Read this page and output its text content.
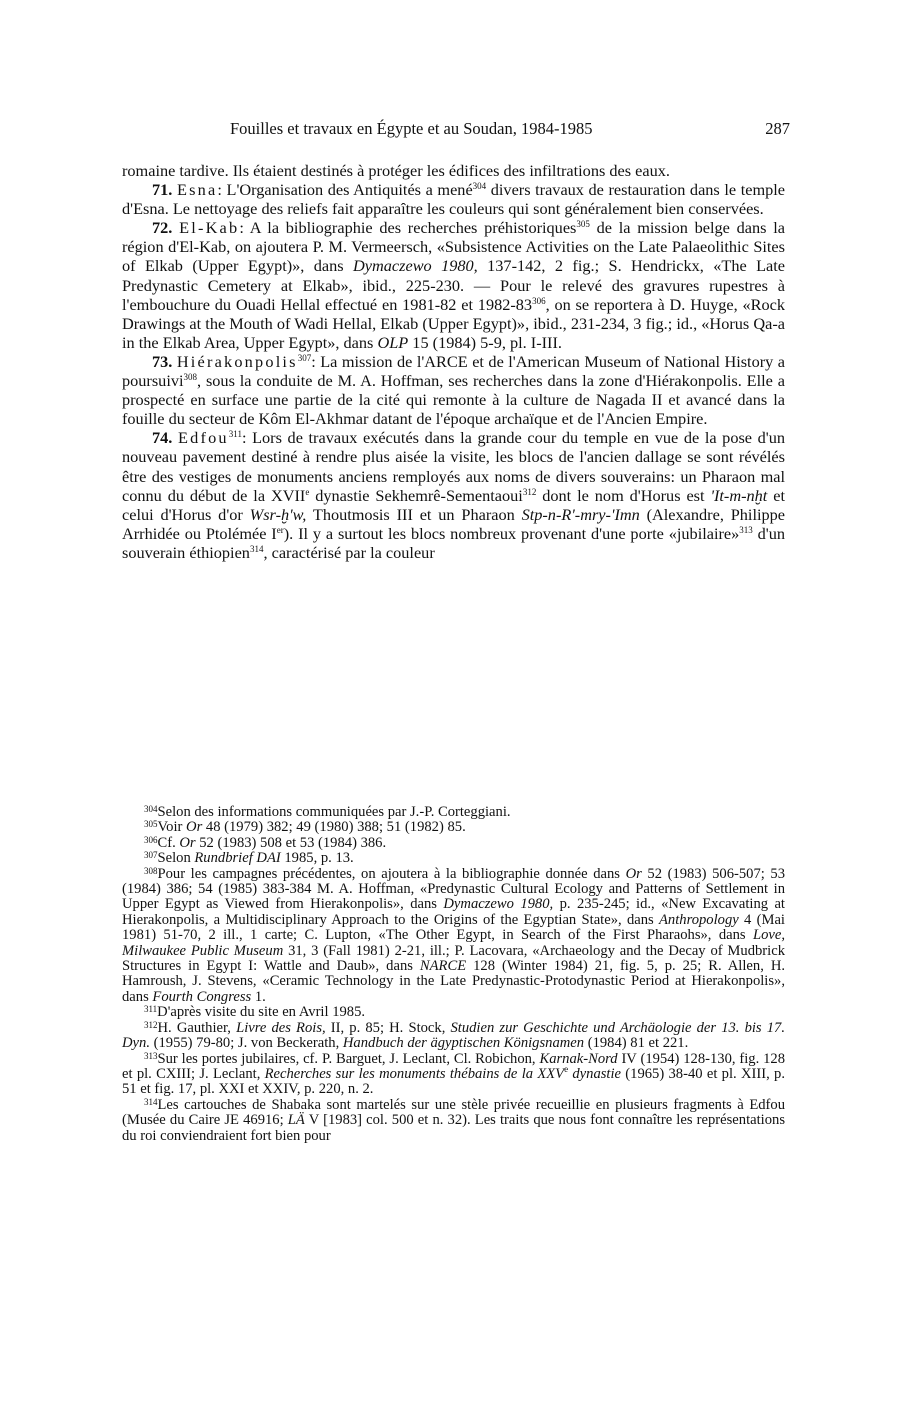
Fouilles et travaux en Égypte et au Soudan, 1984-1985	287

romaine tardive. Ils étaient destinés à protéger les édifices des infiltrations des eaux.

71. Esna: L'Organisation des Antiquités a mené$^{304}$ divers travaux de restauration dans le temple d'Esna. Le nettoyage des reliefs fait apparaître les couleurs qui sont généralement bien conservées.

72. El-Kab: A la bibliographie des recherches préhistoriques$^{305}$ de la mission belge dans la région d'El-Kab, on ajoutera P. M. Vermeersch, «Subsistence Activities on the Late Palaeolithic Sites of Elkab (Upper Egypt)», dans Dymaczewo 1980, 137-142, 2 fig.; S. Hendrickx, «The Late Predynastic Cemetery at Elkab», ibid., 225-230. — Pour le relevé des gravures rupestres à l'embouchure du Ouadi Hellal effectué en 1981-82 et $1982-83^{306}$, on se reportera à D. Huyge, «Rock Drawings at the Mouth of Wadi Hellal, Elkab (Upper Egypt)», ibid., 231-234, 3 fig.; id., «Horus Qa-a in the Elkab Area, Upper Egypt», dans OLP 15 (1984) 5-9, pl. I-III.

73. Hiérakonpolis$^{307}$: La mission de l'ARCE et de l'American Museum of National History a poursuivi$^{308}$, sous la conduite de M. A. Hoffman, ses recherches dans la zone d'Hiérakonpolis. Elle a prospecté en surface une partie de la cité qui remonte à la culture de Nagada II et avancé dans la fouille du secteur de Kôm El-Akhmar datant de l'époque archaïque et de l'Ancien Empire.

74. Edfou$^{311}$: Lors de travaux exécutés dans la grande cour du temple en vue de la pose d'un nouveau pavement destiné à rendre plus aisée la visite, les blocs de l'ancien dallage se sont révélés être des vestiges de monuments anciens remployés aux noms de divers souverains: un Pharaon mal connu du début de la XVIIe dynastie Sekhemrê-Sementaoui$^{312}$ dont le nom d'Horus est 'It-m-nḫt et celui d'Horus d'or Wsr-ḫ'w, Thoutmosis III et un Pharaon Stp-n-R'-mry-'Imn (Alexandre, Philippe Arrhidée ou Ptolémée Ier). Il y a surtout les blocs nombreux provenant d'une porte «jubilaire»$^{313}$ d'un souverain éthiopien$^{314}$, caractérisé par la couleur

$^{304}$Selon des informations communiquées par J.-P. Corteggiani.

$^{305}$Voir Or 48 (1979) 382; 49 (1980) 388; 51 (1982) 85.

$^{306}$Cf. Or 52 (1983) 508 et 53 (1984) 386.

$^{307}$Selon Rundbrief DAI 1985, p. 13.

$^{308}$Pour les campagnes précédentes, on ajoutera à la bibliographie donnée dans Or 52 (1983) 506-507; 53 (1984) 386; 54 (1985) 383-384 M. A. Hoffman, «Predynastic Cultural Ecology and Patterns of Settlement in Upper Egypt as Viewed from Hierakonpolis», dans Dymaczewo 1980, p. 235-245; id., «New Excavating at Hierakonpolis, a Multidisciplinary Approach to the Origins of the Egyptian State», dans Anthropology 4 (Mai 1981) 51-70, 2 ill., 1 carte; C. Lupton, «The Other Egypt, in Search of the First Pharaohs», dans Love, Milwaukee Public Museum 31, 3 (Fall 1981) 2-21, ill.; P. Lacovara, «Archaeology and the Decay of Mudbrick Structures in Egypt I: Wattle and Daub», dans NARCE 128 (Winter 1984) 21, fig. 5, p. 25; R. Allen, H. Hamroush, J. Stevens, «Ceramic Technology in the Late Predynastic-Protodynastic Period at Hierakonpolis», dans Fourth Congress 1.

$^{311}$D'après visite du site en Avril 1985.

$^{312}$H. Gauthier, Livre des Rois, II, p. 85; H. Stock, Studien zur Geschichte und Archäologie der 13. bis 17. Dyn. (1955) 79-80; J. von Beckerath, Handbuch der ägyptischen Königsnamen (1984) 81 et 221.

$^{313}$Sur les portes jubilaires, cf. P. Barguet, J. Leclant, Cl. Robichon, Karnak-Nord IV (1954) 128-130, fig. 128 et pl. CXIII; J. Leclant, Recherches sur les monuments thébains de la XXVe dynastie (1965) 38-40 et pl. XIII, p. 51 et fig. 17, pl. XXI et XXIV, p. 220, n. 2.

$^{314}$Les cartouches de Shabaka sont martelés sur une stèle privée recueillie en plusieurs fragments à Edfou (Musée du Caire JE 46916; LÄ V [1983] col. 500 et n. 32). Les traits que nous font connaître les représentations du roi conviendraient fort bien pour
